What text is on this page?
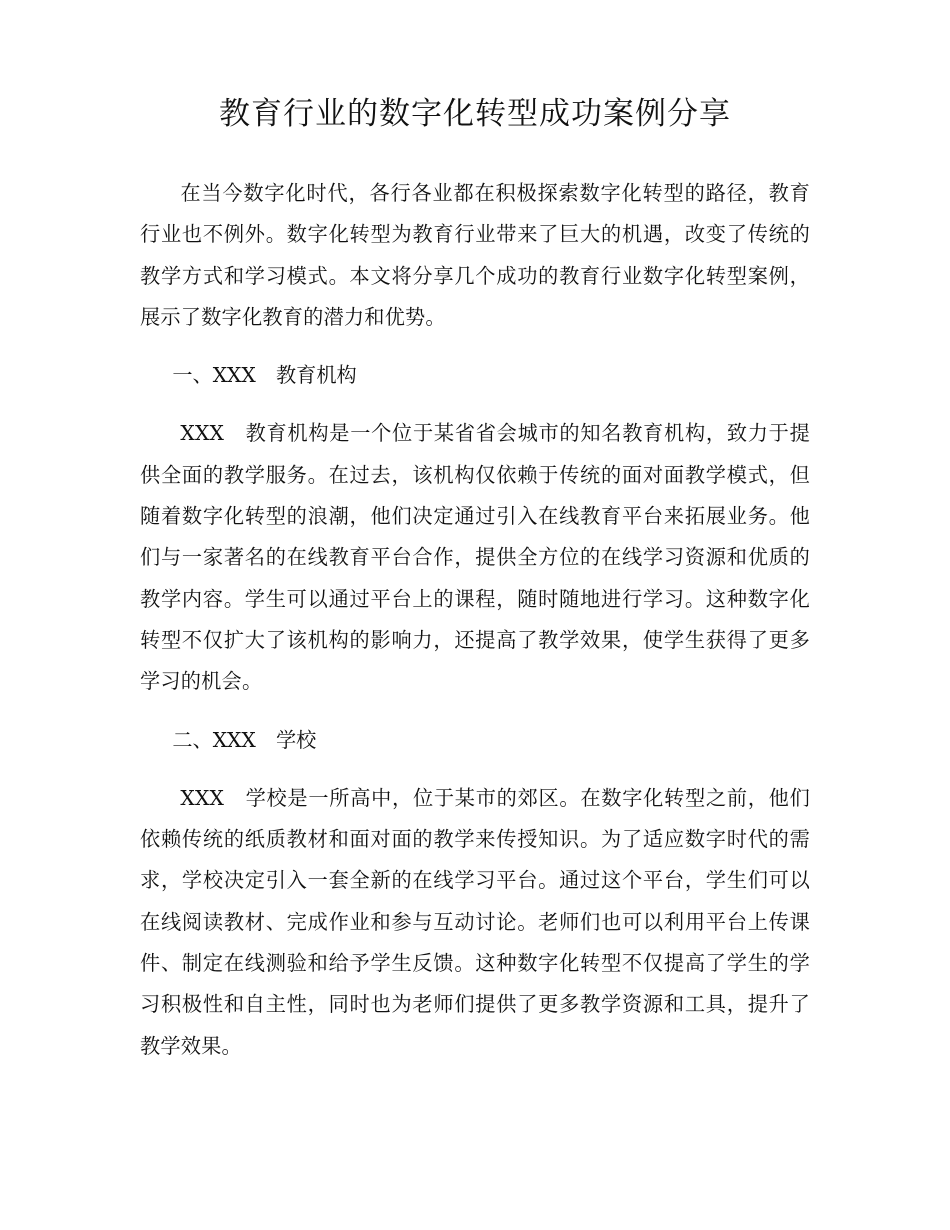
教育行业的数字化转型成功案例分享

在当今数字化时代，各行各业都在积极探索数字化转型的路径，教育行业也不例外。数字化转型为教育行业带来了巨大的机遇，改变了传统的教学方式和学习模式。本文将分享几个成功的教育行业数字化转型案例，展示了数字化教育的潜力和优势。

一、XXX　教育机构

XXX　教育机构是一个位于某省省会城市的知名教育机构，致力于提供全面的教学服务。在过去，该机构仅依赖于传统的面对面教学模式，但随着数字化转型的浪潮，他们决定通过引入在线教育平台来拓展业务。他们与一家著名的在线教育平台合作，提供全方位的在线学习资源和优质的教学内容。学生可以通过平台上的课程，随时随地进行学习。这种数字化转型不仅扩大了该机构的影响力，还提高了教学效果，使学生获得了更多学习的机会。

二、XXX　学校

XXX　学校是一所高中，位于某市的郊区。在数字化转型之前，他们依赖传统的纸质教材和面对面的教学来传授知识。为了适应数字时代的需求，学校决定引入一套全新的在线学习平台。通过这个平台，学生们可以在线阅读教材、完成作业和参与互动讨论。老师们也可以利用平台上传课件、制定在线测验和给予学生反馈。这种数字化转型不仅提高了学生的学习积极性和自主性，同时也为老师们提供了更多教学资源和工具，提升了教学效果。
